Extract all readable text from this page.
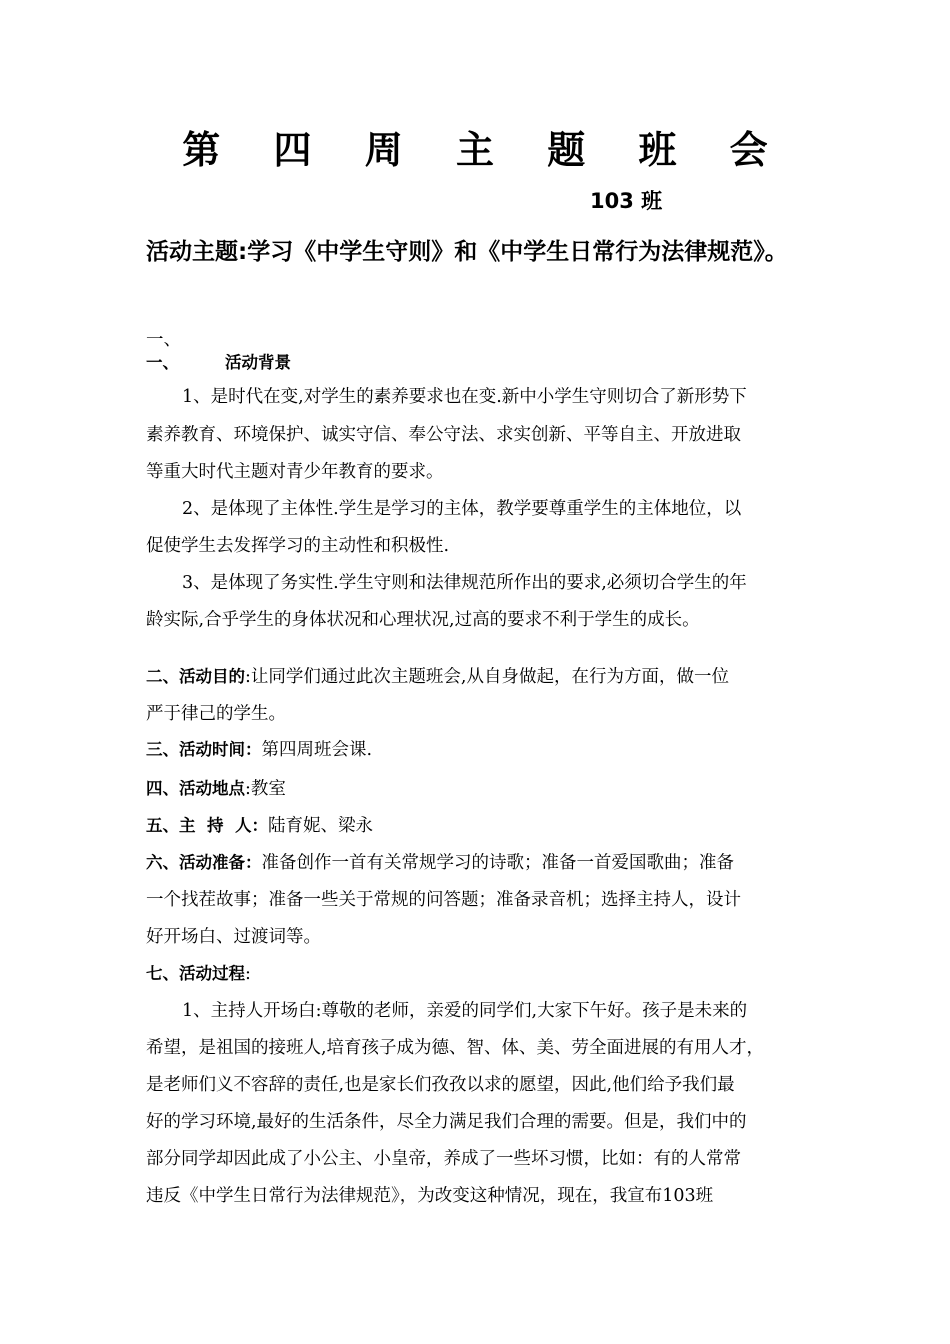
第 四 周 主 题 班 会
103 班
活动主题:学习《中学生守则》和《中学生日常行为法律规范》。
一、
一、	活动背景
1、是时代在变,对学生的素养要求也在变.新中小学生守则切合了新形势下
素养教育、环境保护、诚实守信、奉公守法、求实创新、平等自主、开放进取
等重大时代主题对青少年教育的要求。
2、是体现了主体性.学生是学习的主体，教学要尊重学生的主体地位，以
促使学生去发挥学习的主动性和积极性.
3、是体现了务实性.学生守则和法律规范所作出的要求,必须切合学生的年
龄实际,合乎学生的身体状况和心理状况,过高的要求不利于学生的成长。
二、活动目的:让同学们通过此次主题班会,从自身做起，在行为方面，做一位
严于律己的学生。
三、活动时间：第四周班会课.
四、活动地点:教室
五、主  持  人：陆育妮、梁永
六、活动准备：准备创作一首有关常规学习的诗歌；准备一首爱国歌曲；准备
一个找茬故事；准备一些关于常规的问答题；准备录音机；选择主持人，设计
好开场白、过渡词等。
七、活动过程:
1、主持人开场白:尊敬的老师，亲爱的同学们,大家下午好。孩子是未来的
希望，是祖国的接班人,培育孩子成为德、智、体、美、劳全面进展的有用人才，
是老师们义不容辞的责任,也是家长们孜孜以求的愿望，因此,他们给予我们最
好的学习环境,最好的生活条件，尽全力满足我们合理的需要。但是，我们中的
部分同学却因此成了小公主、小皇帝，养成了一些坏习惯，比如：有的人常常
违反《中学生日常行为法律规范》，为改变这种情况，现在，我宣布103班
